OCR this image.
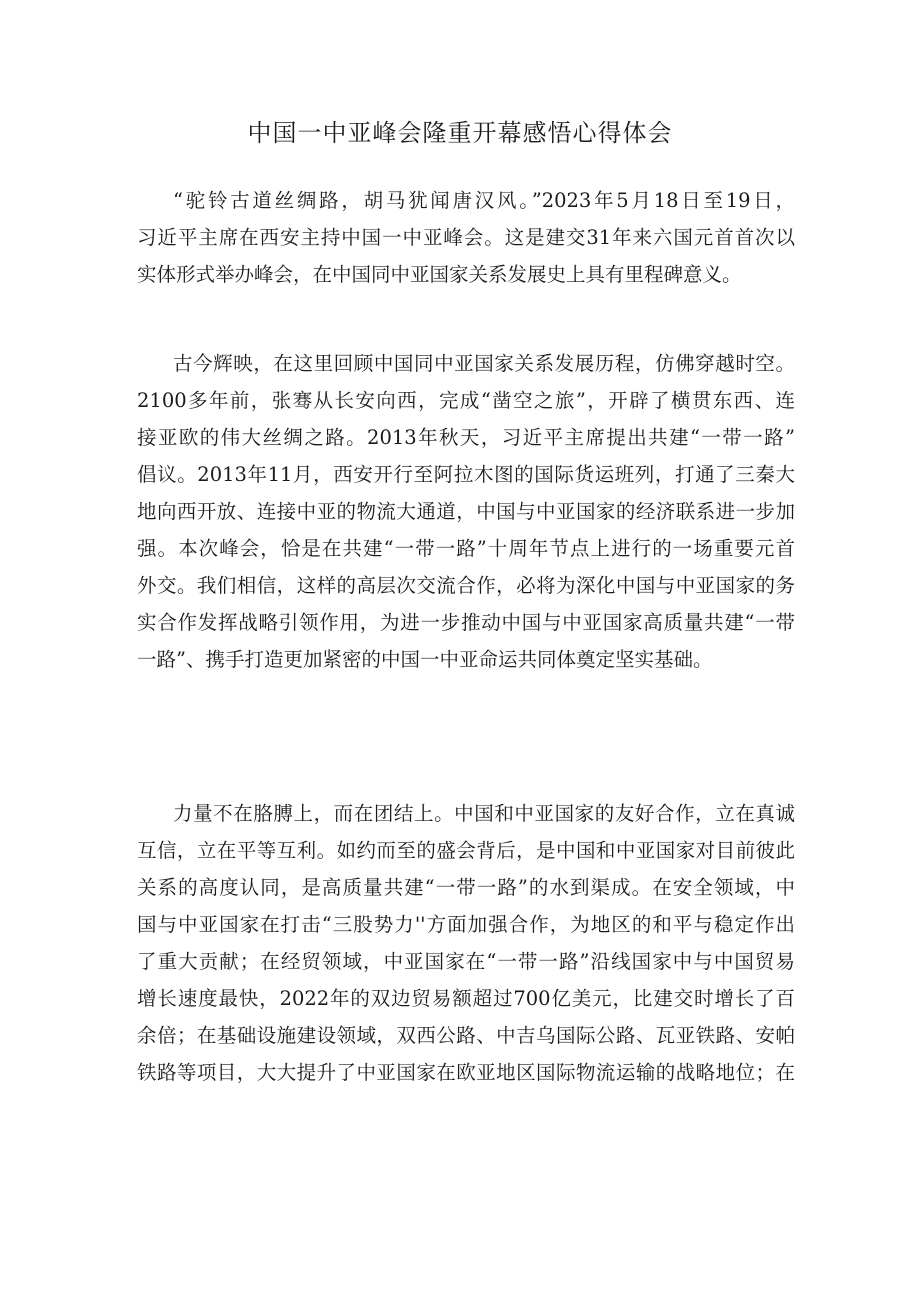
中国一中亚峰会隆重开幕感悟心得体会
“驼铃古道丝绸路，胡马犹闻唐汉风。”2023年5月18日至19日，
习近平主席在西安主持中国一中亚峰会。这是建交31年来六国元首首次以
实体形式举办峰会，在中国同中亚国家关系发展史上具有里程碑意义。
古今辉映，在这里回顾中国同中亚国家关系发展历程，仿佛穿越时空。
2100多年前，张骞从长安向西，完成“凿空之旅”，开辟了横贯东西、连
接亚欧的伟大丝绸之路。2013年秋天，习近平主席提出共建“一带一路”
倡议。2013年11月，西安开行至阿拉木图的国际货运班列，打通了三秦大
地向西开放、连接中亚的物流大通道，中国与中亚国家的经济联系进一步加
强。本次峰会，恰是在共建“一带一路”十周年节点上进行的一场重要元首
外交。我们相信，这样的高层次交流合作，必将为深化中国与中亚国家的务
实合作发挥战略引领作用，为进一步推动中国与中亚国家高质量共建“一带
一路”、携手打造更加紧密的中国一中亚命运共同体奠定坚实基础。
力量不在胳膊上，而在团结上。中国和中亚国家的友好合作，立在真诚
互信，立在平等互利。如约而至的盛会背后，是中国和中亚国家对目前彼此
关系的高度认同，是高质量共建“一带一路”的水到渠成。在安全领域，中
国与中亚国家在打击“三股势力''方面加强合作，为地区的和平与稳定作出
了重大贡献；在经贸领域，中亚国家在“一带一路”沿线国家中与中国贸易
增长速度最快，2022年的双边贸易额超过700亿美元，比建交时增长了百
余倍；在基础设施建设领域，双西公路、中吉乌国际公路、瓦亚铁路、安帕
铁路等项目，大大提升了中亚国家在欧亚地区国际物流运输的战略地位；在
